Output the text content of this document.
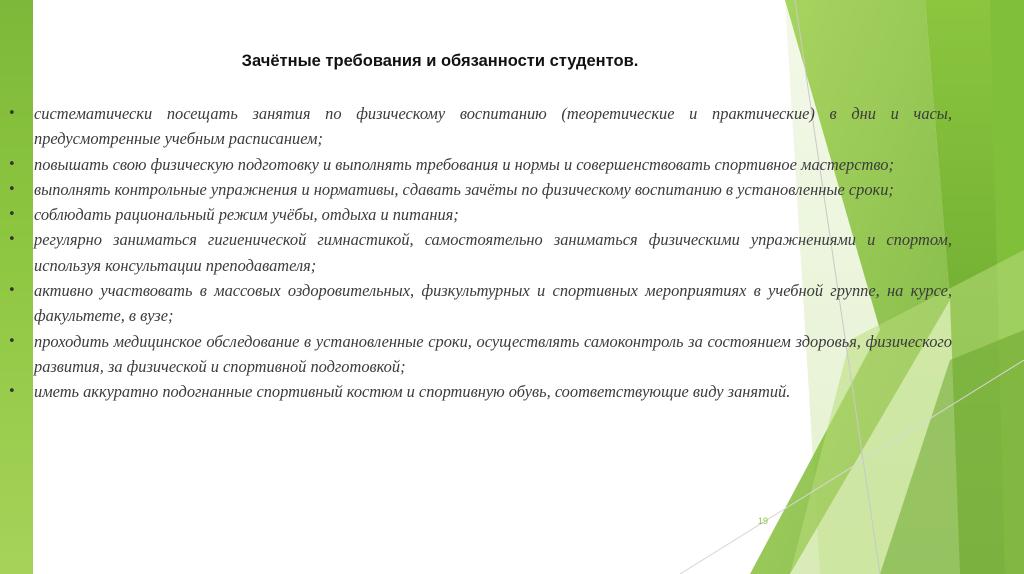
Зачётные требования и обязанности студентов.
• систематически посещать занятия по физическому воспитанию (теоретические и практические) в дни и часы, предусмотренные учебным расписанием;
• повышать свою физическую подготовку и выполнять требования и нормы и совершенствовать спортивное мастерство;
• выполнять контрольные упражнения и нормативы, сдавать зачёты по физическому воспитанию в установленные сроки;
• соблюдать рациональный режим учёбы, отдыха и питания;
• регулярно заниматься гигиенической гимнастикой, самостоятельно заниматься физическими упражнениями и спортом, используя консультации преподавателя;
• активно участвовать в массовых оздоровительных, физкультурных и спортивных мероприятиях в учебной группе, на курсе, факультете, в вузе;
• проходить медицинское обследование в установленные сроки, осуществлять самоконтроль за состоянием здоровья, физического развития, за физической и спортивной подготовкой;
• иметь аккуратно подогнанные спортивный костюм и спортивную обувь, соответствующие виду занятий.
19
